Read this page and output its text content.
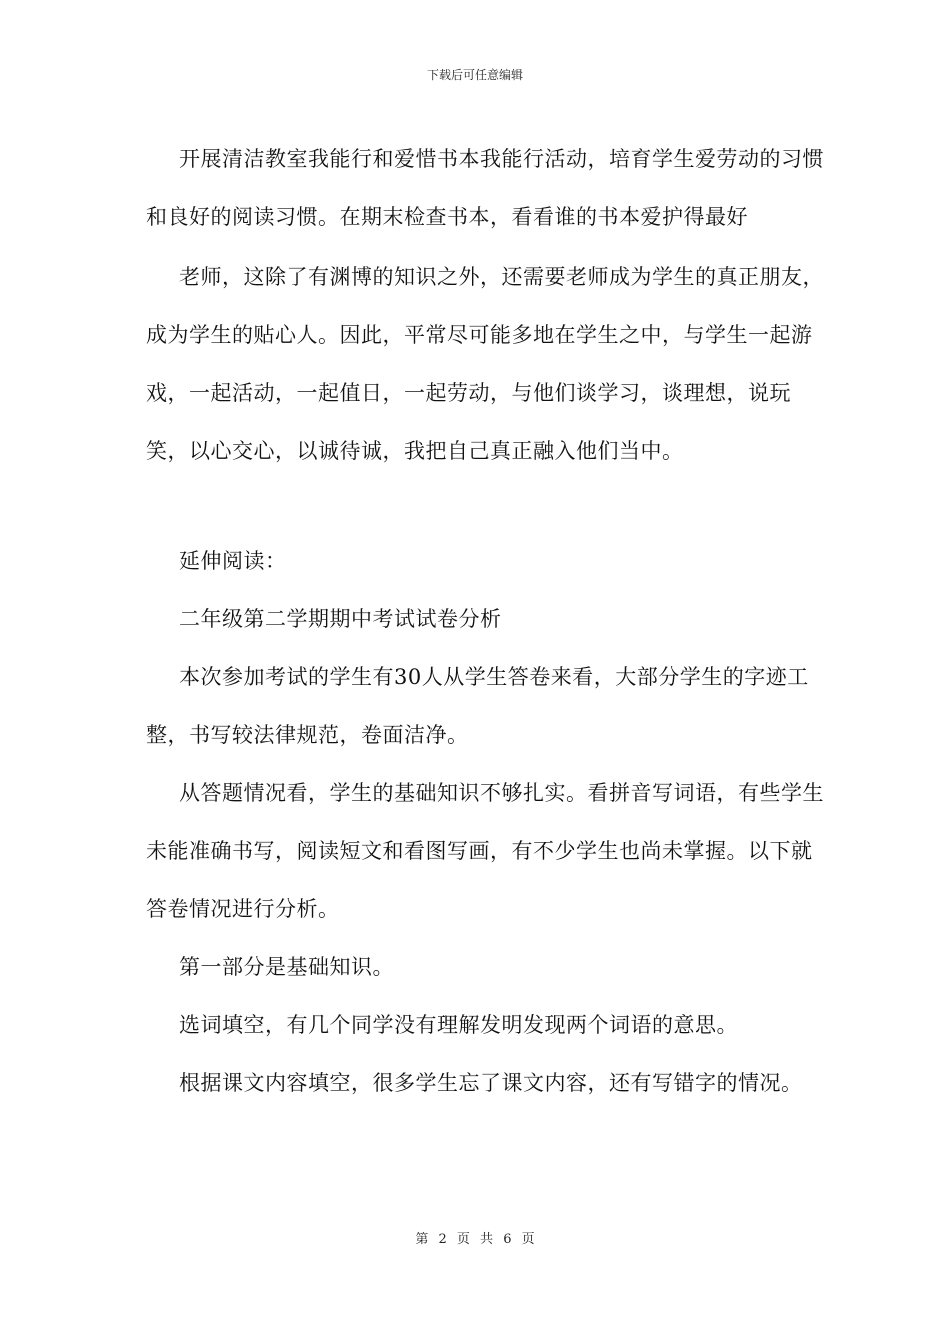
下载后可任意编辑

开展清洁教室我能行和爱惜书本我能行活动，培育学生爱劳动的习惯和良好的阅读习惯。在期末检查书本，看看谁的书本爱护得最好

老师，这除了有渊博的知识之外，还需要老师成为学生的真正朋友，成为学生的贴心人。因此，平常尽可能多地在学生之中，与学生一起游戏，一起活动，一起值日，一起劳动，与他们谈学习，谈理想，说玩笑，以心交心，以诚待诚，我把自己真正融入他们当中。

延伸阅读：

二年级第二学期期中考试试卷分析

本次参加考试的学生有30人从学生答卷来看，大部分学生的字迹工整，书写较法律规范，卷面洁净。

从答题情况看，学生的基础知识不够扎实。看拼音写词语，有些学生未能准确书写，阅读短文和看图写画，有不少学生也尚未掌握。以下就答卷情况进行分析。

第一部分是基础知识。

选词填空，有几个同学没有理解发明发现两个词语的意思。

根据课文内容填空，很多学生忘了课文内容，还有写错字的情况。

第 2 页 共 6 页
